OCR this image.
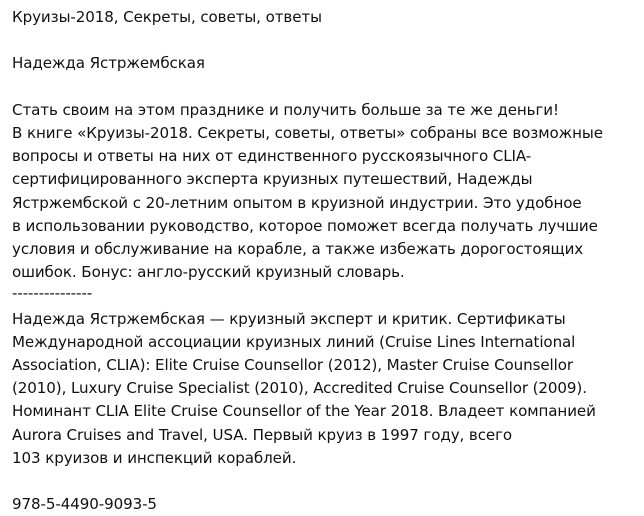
Круизы-2018, Секреты, советы, ответы
Надежда Ястржембская
Стать своим на этом празднике и получить больше за те же деньги!
В книге «Круизы-2018. Секреты, советы, ответы» собраны все возможные
вопросы и ответы на них от единственного русскоязычного CLIA-
сертифицированного эксперта круизных путешествий, Надежды
Ястржембской с 20-летним опытом в круизной индустрии. Это удобное
в использовании руководство, которое поможет всегда получать лучшие
условия и обслуживание на корабле, а также избежать дорогостоящих
ошибок. Бонус: англо-русский круизный словарь.
---------------
Надежда Ястржембская — круизный эксперт и критик. Сертификаты
Международной ассоциации круизных линий (Cruise Lines International
Association, CLIA): Elite Cruise Counsellor (2012), Master Cruise Counsellor
(2010), Luxury Cruise Specialist (2010), Accredited Cruise Counsellor (2009).
Номинант CLIA Elite Cruise Counsellor of the Year 2018. Владеет компанией
Aurora Cruises and Travel, USA. Первый круиз в 1997 году, всего
103 круизов и инспекций кораблей.
978-5-4490-9093-5
